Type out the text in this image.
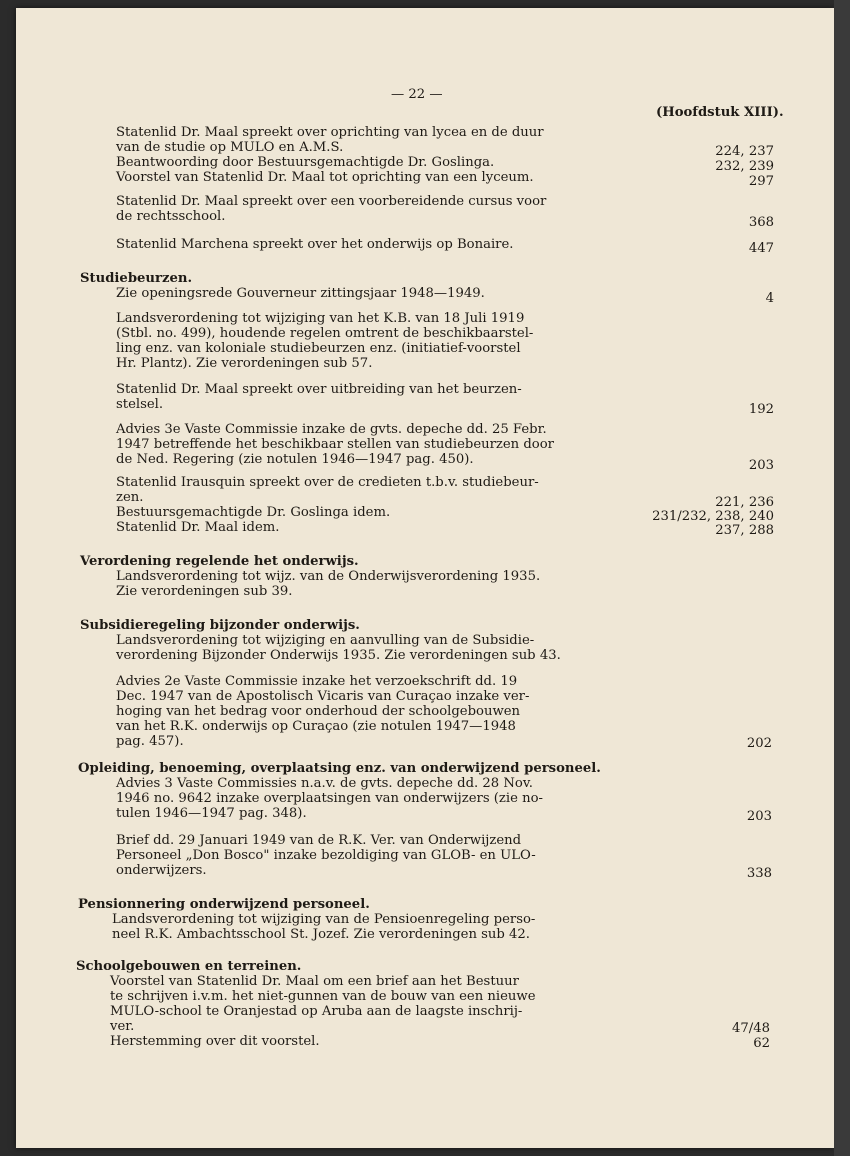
— 22 —
(Hoofdstuk XIII).
Statenlid Dr. Maal spreekt over oprichting van lycea en de duur
van de studie op MULO en A.M.S.
Beantwoording door Bestuursgemachtigde Dr. Goslinga.
Voorstel van Statenlid Dr. Maal tot oprichting van een lyceum.
Statenlid Dr. Maal spreekt over een voorbereidende cursus voor
de rechtsschool.
Statenlid Marchena spreekt over het onderwijs op Bonaire.
Studiebeurzen.
Zie openingsrede Gouverneur zittingsjaar 1948—1949.
Landsverordening tot wijziging van het K.B. van 18 Juli 1919
(Stbl. no. 499), houdende regelen omtrent de beschikbaarstel-
ling enz. van koloniale studiebeurzen enz. (initiatief-voorstel
Hr. Plantz). Zie verordeningen sub 57.
Statenlid Dr. Maal spreekt over uitbreiding van het beurzen-
stelsel.
Advies 3e Vaste Commissie inzake de gvts. depeche dd. 25 Febr.
1947 betreffende het beschikbaar stellen van studiebeurzen door
de Ned. Regering (zie notulen 1946—1947 pag. 450).
Statenlid Irausquin spreekt over de credieten t.b.v. studiebeur-
zen.
Bestuursgemachtigde Dr. Goslinga idem.
Statenlid Dr. Maal idem.
Verordening regelende het onderwijs.
Landsverordening tot wijz. van de Onderwijsverordening 1935.
Zie verordeningen sub 39.
Subsidieregeling bijzonder onderwijs.
Landsverordening tot wijziging en aanvulling van de Subsidie-
verordening Bijzonder Onderwijs 1935. Zie verordeningen sub 43.
Advies 2e Vaste Commissie inzake het verzoekschrift dd. 19
Dec. 1947 van de Apostolisch Vicaris van Curaçao inzake ver-
hoging van het bedrag voor onderhoud der schoolgebouwen
van het R.K. onderwijs op Curaçao (zie notulen 1947—1948
pag. 457).
Opleiding, benoeming, overplaatsing enz. van onderwijzend personeel.
Advies 3 Vaste Commissies n.a.v. de gvts. depeche dd. 28 Nov.
1946 no. 9642 inzake overplaatsingen van onderwijzers (zie no-
tulen 1946—1947 pag. 348).
Brief dd. 29 Januari 1949 van de R.K. Ver. van Onderwijzend
Personeel „Don Bosco" inzake bezoldiging van GLOB- en ULO-
onderwijzers.
Pensionnering onderwijzend personeel.
Landsverordening tot wijziging van de Pensioenregeling perso-
neel R.K. Ambachtsschool St. Jozef. Zie verordeningen sub 42.
Schoolgebouwen en terreinen.
Voorstel van Statenlid Dr. Maal om een brief aan het Bestuur
te schrijven i.v.m. het niet-gunnen van de bouw van een nieuwe
MULO-school te Oranjestad op Aruba aan de laagste inschrij-
ver.
Herstemming over dit voorstel.
224, 237
232, 239
297
368
447
4
192
203
221, 236
231/232, 238, 240
237, 288
202
203
338
47/48
62
